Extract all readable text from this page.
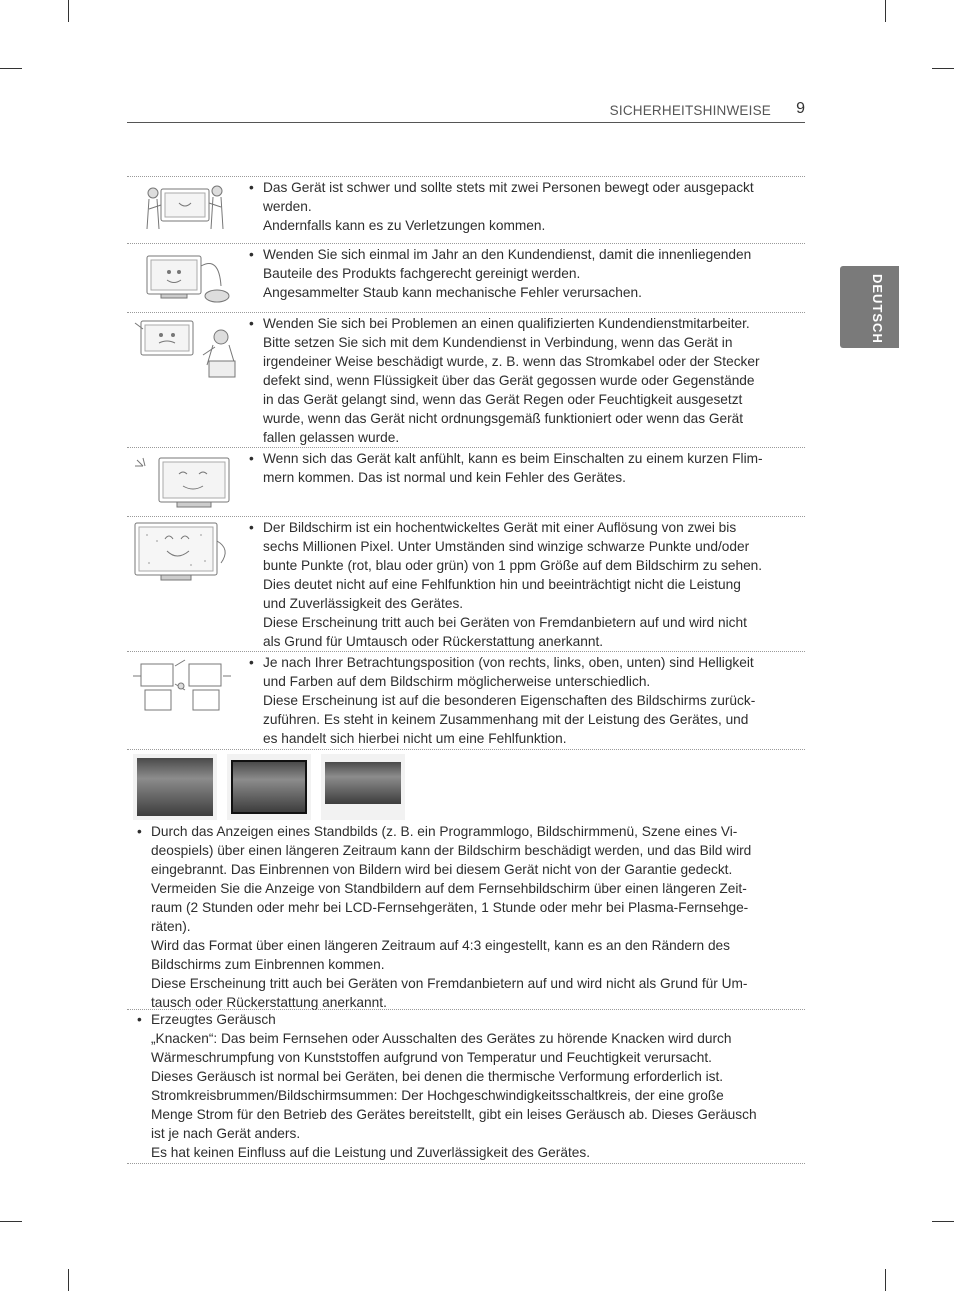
SICHERHEITSHINWEISE 9
DEUTSCH
• Das Gerät ist schwer und sollte stets mit zwei Personen bewegt oder ausgepackt

werden.

Andernfalls kann es zu Verletzungen kommen.

• Wenden Sie sich einmal im Jahr an den Kundendienst, damit die innenliegenden

Bauteile des Produkts fachgerecht gereinigt werden.

Angesammelter Staub kann mechanische Fehler verursachen.

• Wenden Sie sich bei Problemen an einen qualifizierten Kundendienstmitarbeiter.

Bitte setzen Sie sich mit dem Kundendienst in Verbindung, wenn das Gerät in

irgendeiner Weise beschädigt wurde, z. B. wenn das Stromkabel oder der Stecker

defekt sind, wenn Flüssigkeit über das Gerät gegossen wurde oder Gegenstände

in das Gerät gelangt sind, wenn das Gerät Regen oder Feuchtigkeit ausgesetzt

wurde, wenn das Gerät nicht ordnungsgemäß funktioniert oder wenn das Gerät

fallen gelassen wurde.

• Wenn sich das Gerät kalt anfühlt, kann es beim Einschalten zu einem kurzen Flim-

mern kommen. Das ist normal und kein Fehler des Gerätes.

• Der Bildschirm ist ein hochentwickeltes Gerät mit einer Auflösung von zwei bis

sechs Millionen Pixel. Unter Umständen sind winzige schwarze Punkte und/oder

bunte Punkte (rot, blau oder grün) von 1 ppm Größe auf dem Bildschirm zu sehen.

Dies deutet nicht auf eine Fehlfunktion hin und beeinträchtigt nicht die Leistung

und Zuverlässigkeit des Gerätes.

Diese Erscheinung tritt auch bei Geräten von Fremdanbietern auf und wird nicht

als Grund für Umtausch oder Rückerstattung anerkannt.

• Je nach Ihrer Betrachtungsposition (von rechts, links, oben, unten) sind Helligkeit

und Farben auf dem Bildschirm möglicherweise unterschiedlich.

Diese Erscheinung ist auf die besonderen Eigenschaften des Bildschirms zurück-

zuführen. Es steht in keinem Zusammenhang mit der Leistung des Gerätes, und

es handelt sich hierbei nicht um eine Fehlfunktion.

• Durch das Anzeigen eines Standbilds (z. B. ein Programmlogo, Bildschirmmenü, Szene eines Vi-

deospiels) über einen längeren Zeitraum kann der Bildschirm beschädigt werden, und das Bild wird

eingebrannt. Das Einbrennen von Bildern wird bei diesem Gerät nicht von der Garantie gedeckt.

Vermeiden Sie die Anzeige von Standbildern auf dem Fernsehbildschirm über einen längeren Zeit-

raum (2 Stunden oder mehr bei LCD-Fernsehgeräten, 1 Stunde oder mehr bei Plasma-Fernsehge-

räten).

Wird das Format über einen längeren Zeitraum auf 4:3 eingestellt, kann es an den Rändern des

Bildschirms zum Einbrennen kommen.

Diese Erscheinung tritt auch bei Geräten von Fremdanbietern auf und wird nicht als Grund für Um-

tausch oder Rückerstattung anerkannt.

• Erzeugtes Geräusch

„Knacken“: Das beim Fernsehen oder Ausschalten des Gerätes zu hörende Knacken wird durch

Wärmeschrumpfung von Kunststoffen aufgrund von Temperatur und Feuchtigkeit verursacht.

Dieses Geräusch ist normal bei Geräten, bei denen die thermische Verformung erforderlich ist.

Stromkreisbrummen/Bildschirmsummen: Der Hochgeschwindigkeitsschaltkreis, der eine große

Menge Strom für den Betrieb des Gerätes bereitstellt, gibt ein leises Geräusch ab. Dieses Geräusch

ist je nach Gerät anders.

Es hat keinen Einfluss auf die Leistung und Zuverlässigkeit des Gerätes.
